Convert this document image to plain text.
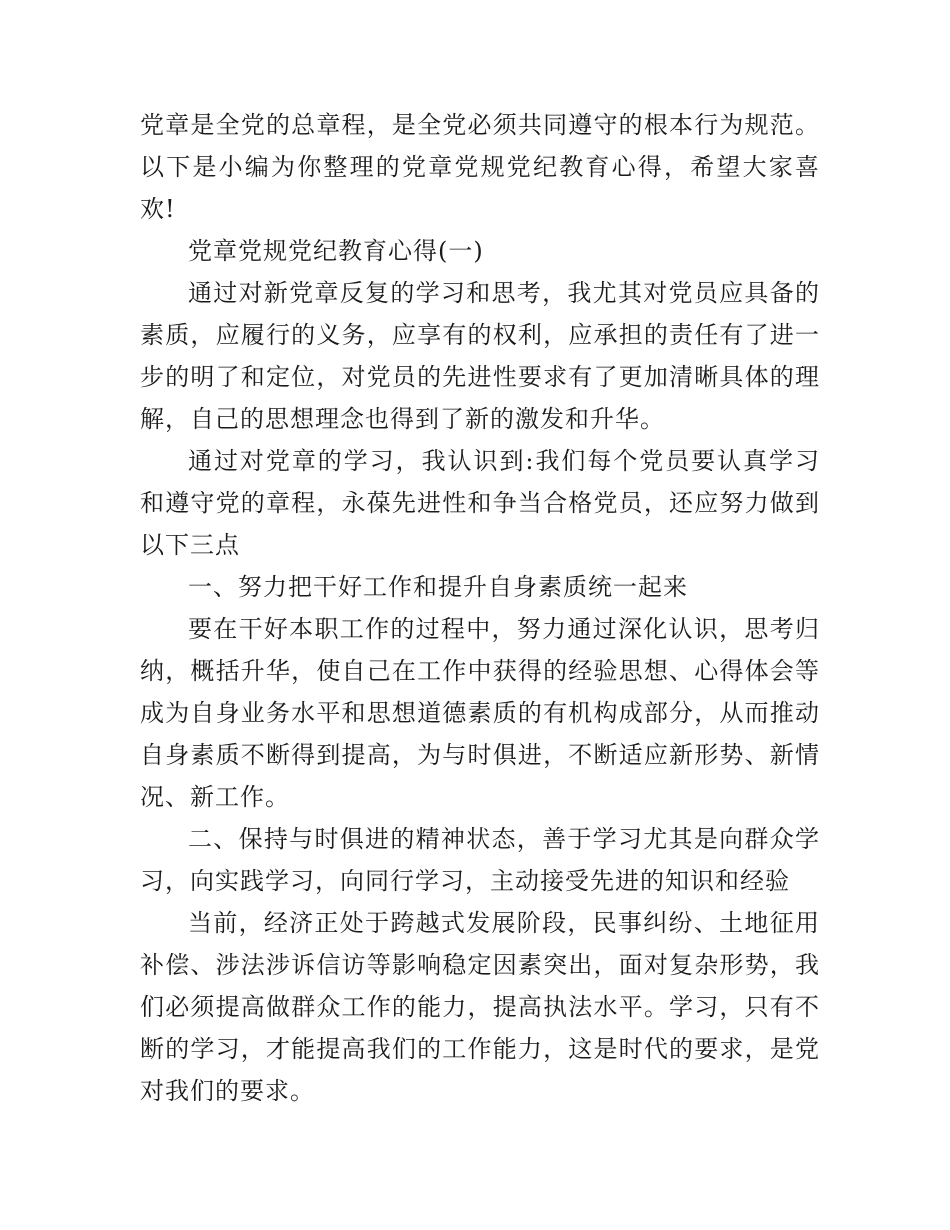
党章是全党的总章程，是全党必须共同遵守的根本行为规范。以下是小编为你整理的党章党规党纪教育心得，希望大家喜欢!

党章党规党纪教育心得(一)

通过对新党章反复的学习和思考，我尤其对党员应具备的素质，应履行的义务，应享有的权利，应承担的责任有了进一步的明了和定位，对党员的先进性要求有了更加清晰具体的理解，自己的思想理念也得到了新的激发和升华。

通过对党章的学习，我认识到:我们每个党员要认真学习和遵守党的章程，永葆先进性和争当合格党员，还应努力做到以下三点

一、努力把干好工作和提升自身素质统一起来

要在干好本职工作的过程中，努力通过深化认识，思考归纳，概括升华，使自己在工作中获得的经验思想、心得体会等成为自身业务水平和思想道德素质的有机构成部分，从而推动自身素质不断得到提高，为与时俱进，不断适应新形势、新情况、新工作。

二、保持与时俱进的精神状态，善于学习尤其是向群众学习，向实践学习，向同行学习，主动接受先进的知识和经验

当前，经济正处于跨越式发展阶段，民事纠纷、土地征用补偿、涉法涉诉信访等影响稳定因素突出，面对复杂形势，我们必须提高做群众工作的能力，提高执法水平。学习，只有不断的学习，才能提高我们的工作能力，这是时代的要求，是党对我们的要求。
